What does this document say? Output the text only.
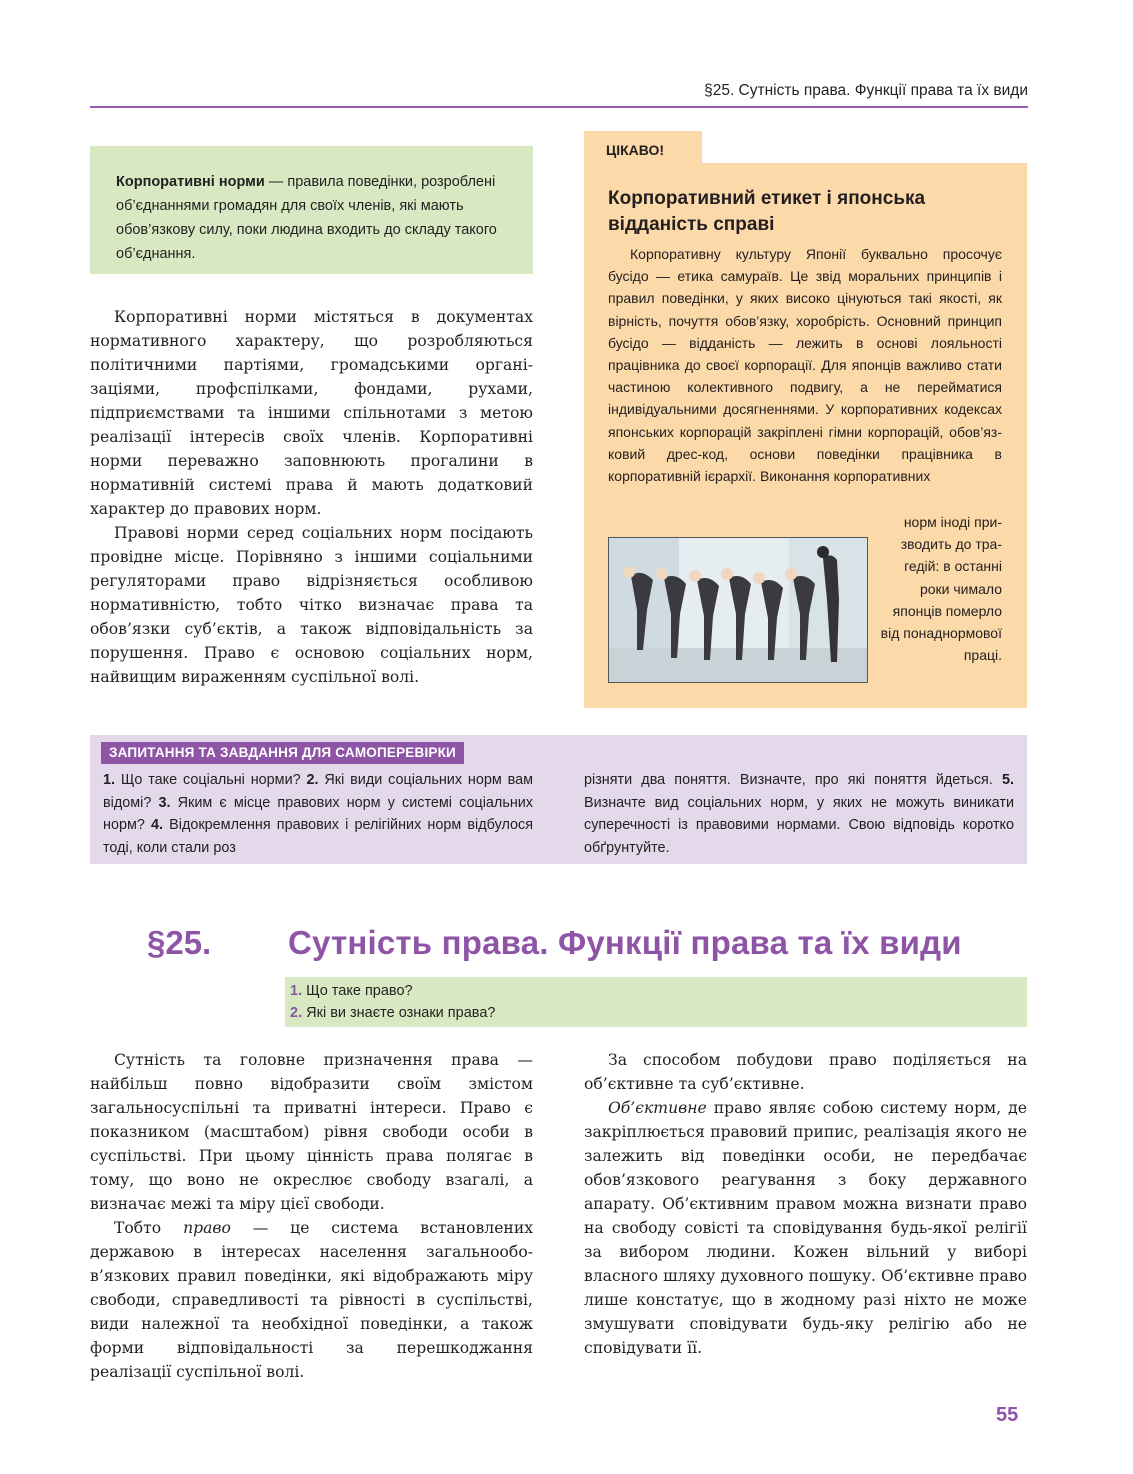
§25. Сутність права. Функції права та їх види
Корпоративні норми — правила поведінки, розроблені об’єднаннями громадян для своїх членів, які мають обов’язкову силу, поки людина входить до складу такого об’єднання.

Корпоративні норми містяться в документах нормативного характеру, що розробляються політичними партіями, громадськими організаціями, профспілками, фондами, рухами, підприємствами та іншими спільнотами з метою реалізації інтересів своїх членів. Корпоративні норми переважно заповнюють прогалини в нормативній системі права й мають додатковий характер до правових норм.

Правові норми серед соціальних норм посідають провідне місце. Порівняно з іншими соціальними регуляторами право відрізняється особливою нормативністю, тобто чітко визначає права та обов’язки суб’єктів, а також відповідальність за порушення. Право є основою соціальних норм, найвищим вираженням суспільної волі.

ЦІКАВО!
Корпоративний етикет і японська відданість справі
Корпоративну культуру Японії буквально просочує бусідо — етика самураїв. Це звід моральних принципів і правил поведінки, у яких високо цінуються такі якості, як вірність, почуття обов’язку, хоробрість. Основний принцип бусідо — відданість — лежить в основі лояльності працівника до своєї корпорації. Для японців важливо стати частиною колективного подвигу, а не перейматися індивідуальними досягненнями. У корпоративних кодексах японських корпорацій закріплені гімни корпорацій, обов’язковий дрес-код, основи поведінки працівника в корпоративній ієрархії. Виконання корпоративних
норм іноді призводить до трагедій: в останні роки чимало японців померло від понаднормової праці.
ЗАПИТАННЯ ТА ЗАВДАННЯ ДЛЯ САМОПЕРЕВІРКИ
1. Що таке соціальні норми? 2. Які види соціальних норм вам відомі? 3. Яким є місце правових норм у системі соціальних норм? 4. Відокремлення правових і релігійних норм відбулося тоді, коли стали роз
різняти два поняття. Визначте, про які поняття йдеться. 5. Визначте вид соціальних норм, у яких не можуть виникати суперечності із правовими нормами. Свою відповідь коротко обґрунтуйте.
§25. Сутність права. Функції права та їх види
1. Що таке право?
2. Які ви знаєте ознаки права?

Сутність та головне призначення права — найбільш повно відобразити своїм змістом загальносуспільні та приватні інтереси. Право є показником (масштабом) рівня свободи особи в суспільстві. При цьому цінність права полягає в тому, що воно не окреслює свободу взагалі, а визначає межі та міру цієї свободи.

Тобто право — це система встановлених державою в інтересах населення загальнообов’язкових правил поведінки, які відображають міру свободи, справедливості та рівності в суспільстві, види належної та необхідної поведінки, а також форми відповідальності за перешкоджання реалізації суспільної волі.

За способом побудови право поділяється на об’єктивне та суб’єктивне.

Об’єктивне право являє собою систему норм, де закріплюється правовий припис, реалізація якого не залежить від поведінки особи, не передбачає обов’язкового реагування з боку державного апарату. Об’єктивним правом можна визнати право на свободу совісті та сповідування будь-якої релігії за вибором людини. Кожен вільний у виборі власного шляху духовного пошуку. Об’єктивне право лише констатує, що в жодному разі ніхто не може змушувати сповідувати будь-яку релігію або не сповідувати її.

55
